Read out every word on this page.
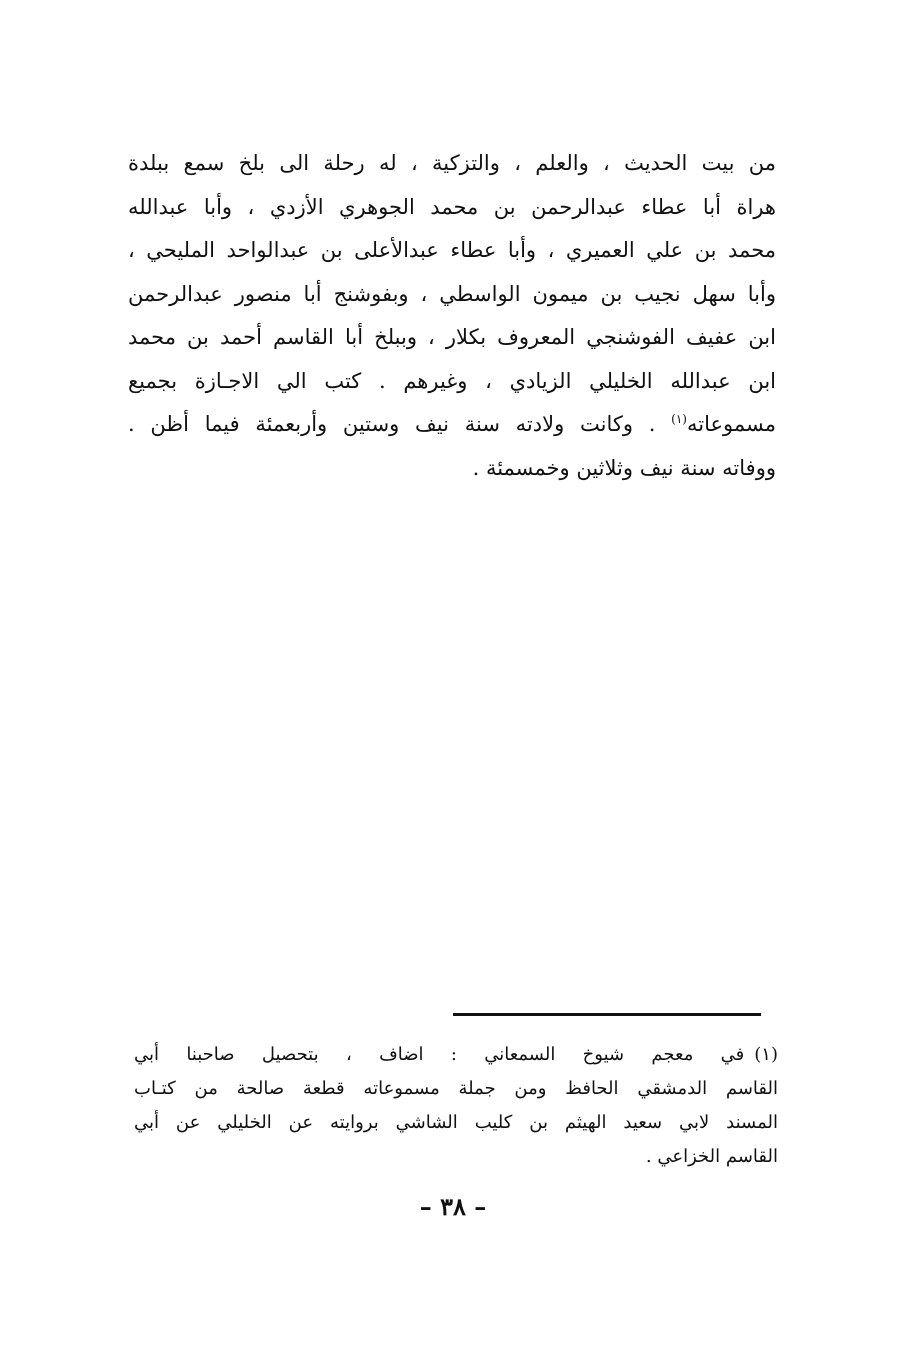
من بيت الحديث ، والعلم ، والتزكية ، له رحلة الى بلخ سمع ببلدة
هراة أبا عطاء عبدالرحمن بن محمد الجوهري الأزدي ، وأبا عبدالله
محمد بن علي العميري ، وأبا عطاء عبدالأعلى بن عبدالواحد المليحي ،
وأبا سهل نجيب بن ميمون الواسطي ، وبفوشنج أبا منصور عبدالرحمن
ابن عفيف الفوشنجي المعروف بكلار ، وببلخ أبا القاسم أحمد بن محمد
ابن عبدالله الخليلي الزيادي ، وغيرهم . كتب الي الاجـازة بجميع
مسموعاته$^{(١)}$ . وكانت ولادته سنة نيف وستين وأربعمئة فيما أظن .
ووفاته سنة نيف وثلاثين وخمسمئة .
(١)في معجم شيوخ السمعاني : اضاف ، بتحصيل صاحبنا أبي
القاسم الدمشقي الحافظ ومن جملة مسموعاته قطعة صالحة من كتـاب
المسند لابي سعيد الهيثم بن كليب الشاشي بروايته عن الخليلي عن أبي
القاسم الخزاعي .
– ٣٨ –
